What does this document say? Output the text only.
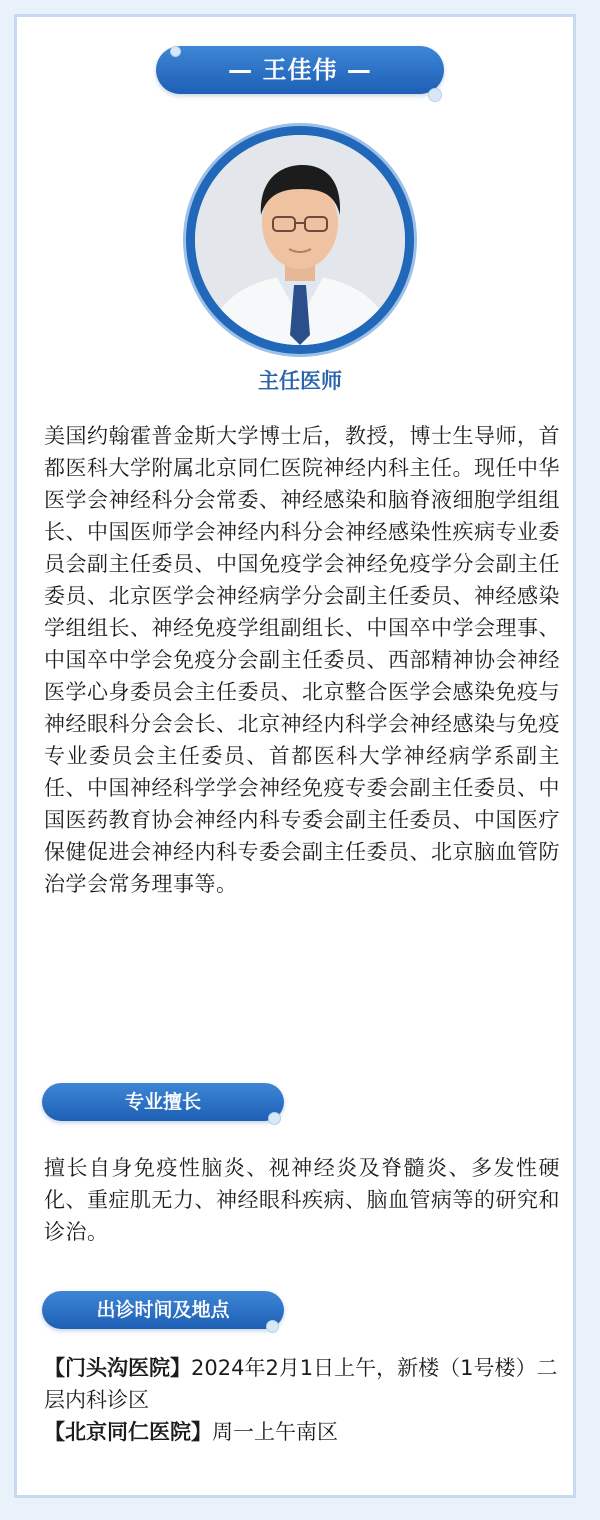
— 王佳伟 —
主任医师

美国约翰霍普金斯大学博士后，教授，博士生导师，首都医科大学附属北京同仁医院神经内科主任。现任中华医学会神经科分会常委、神经感染和脑脊液细胞学组组长、中国医师学会神经内科分会神经感染性疾病专业委员会副主任委员、中国免疫学会神经免疫学分会副主任委员、北京医学会神经病学分会副主任委员、神经感染学组组长、神经免疫学组副组长、中国卒中学会理事、中国卒中学会免疫分会副主任委员、西部精神协会神经医学心身委员会主任委员、北京整合医学会感染免疫与神经眼科分会会长、北京神经内科学会神经感染与免疫专业委员会主任委员、首都医科大学神经病学系副主任、中国神经科学学会神经免疫专委会副主任委员、中国医药教育协会神经内科专委会副主任委员、中国医疗保健促进会神经内科专委会副主任委员、北京脑血管防治学会常务理事等。

专业擅长

擅长自身免疫性脑炎、视神经炎及脊髓炎、多发性硬化、重症肌无力、神经眼科疾病、脑血管病等的研究和诊治。

出诊时间及地点
【门头沟医院】2024年2月1日上午，新楼（1号楼）二层内科诊区
【北京同仁医院】周一上午南区
